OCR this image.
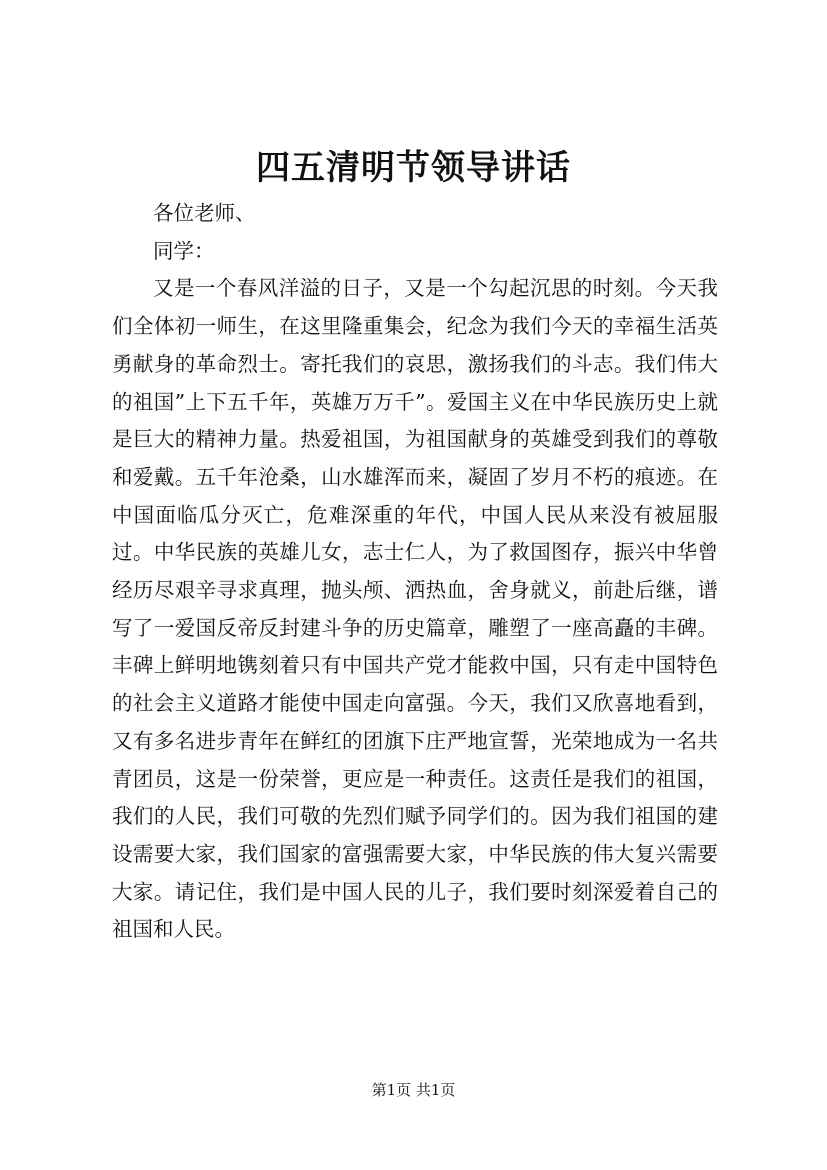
四五清明节领导讲话

各位老师、

同学：

又是一个春风洋溢的日子，又是一个勾起沉思的时刻。今天我们全体初一师生，在这里隆重集会，纪念为我们今天的幸福生活英勇献身的革命烈士。寄托我们的哀思，激扬我们的斗志。我们伟大的祖国”上下五千年，英雄万万千”。爱国主义在中华民族历史上就是巨大的精神力量。热爱祖国，为祖国献身的英雄受到我们的尊敬和爱戴。五千年沧桑，山水雄浑而来，凝固了岁月不朽的痕迹。在中国面临瓜分灭亡，危难深重的年代，中国人民从来没有被屈服过。中华民族的英雄儿女，志士仁人，为了救国图存，振兴中华曾经历尽艰辛寻求真理，抛头颅、洒热血，舍身就义，前赴后继，谱写了一爱国反帝反封建斗争的历史篇章，雕塑了一座高矗的丰碑。丰碑上鲜明地镌刻着只有中国共产党才能救中国，只有走中国特色的社会主义道路才能使中国走向富强。今天，我们又欣喜地看到，又有多名进步青年在鲜红的团旗下庄严地宣誓，光荣地成为一名共青团员，这是一份荣誉，更应是一种责任。这责任是我们的祖国，我们的人民，我们可敬的先烈们赋予同学们的。因为我们祖国的建设需要大家，我们国家的富强需要大家，中华民族的伟大复兴需要大家。请记住，我们是中国人民的儿子，我们要时刻深爱着自己的祖国和人民。

第1页 共1页
